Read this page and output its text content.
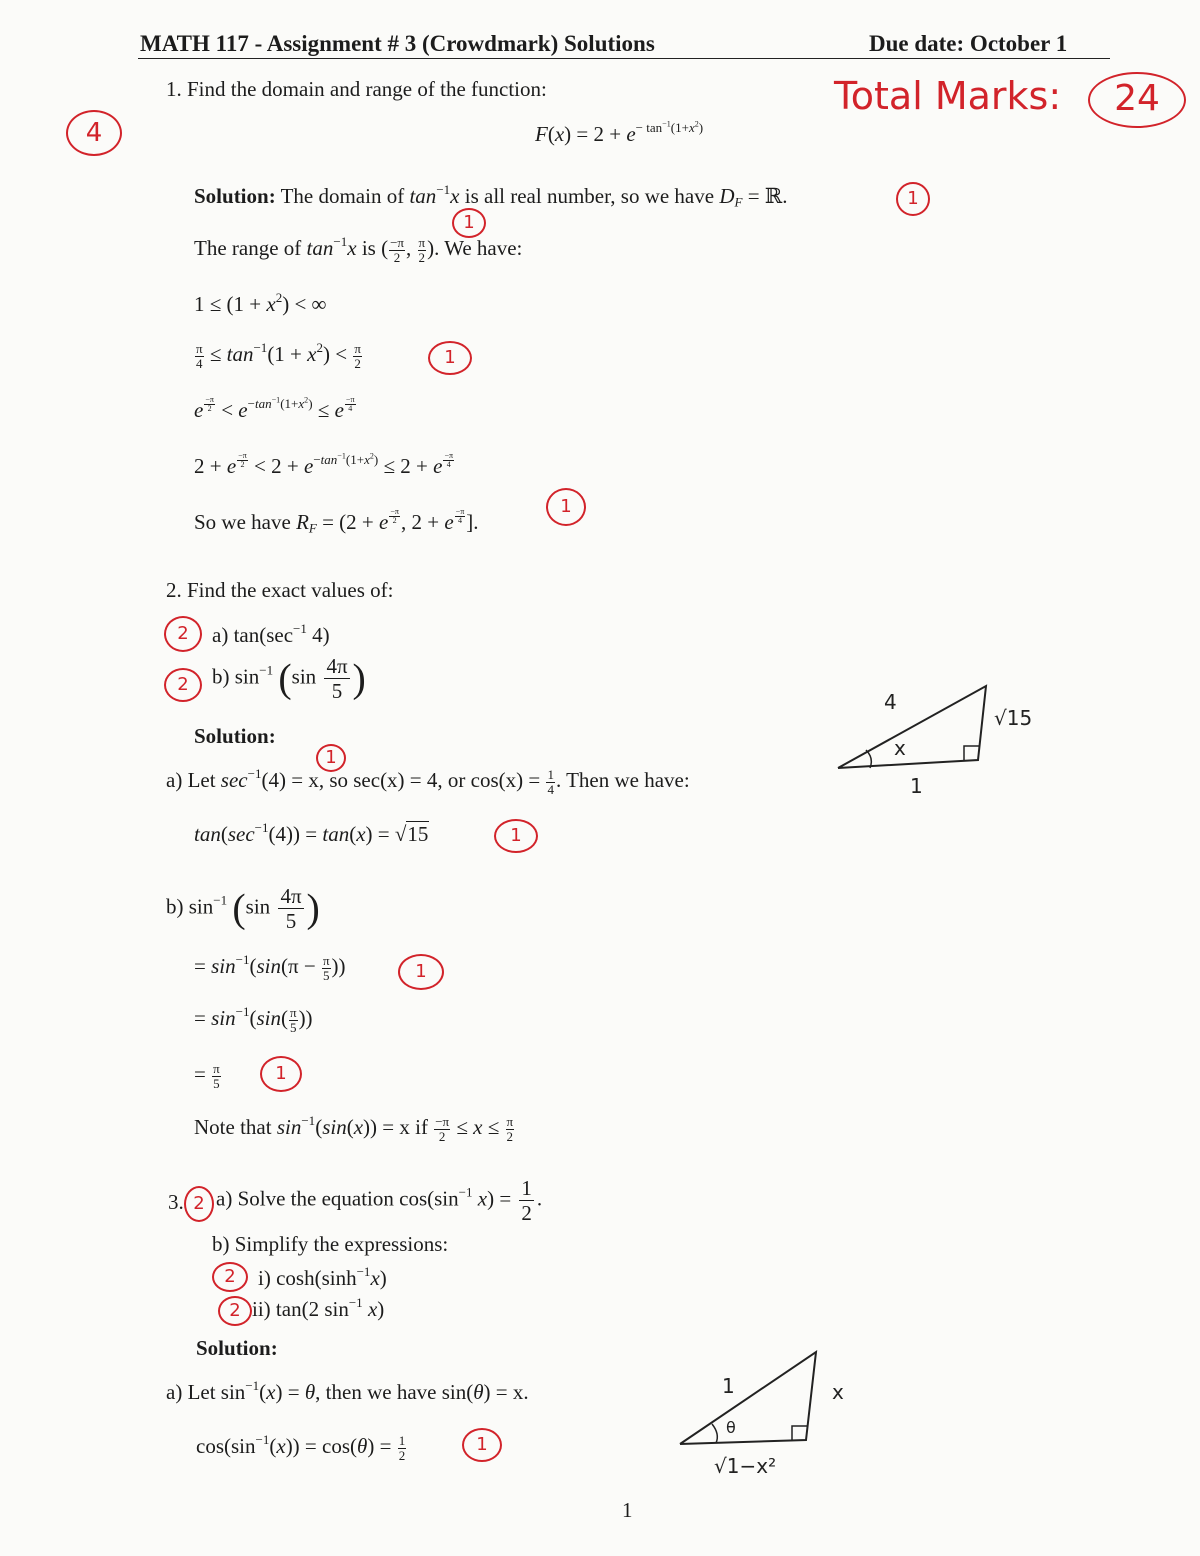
MATH 117 - Assignment # 3 (Crowdmark) Solutions	Due date: October 1
Total Marks:	24
4
1. Find the domain and range of the function:
$F(x) = 2 + e^{- tan^{-1}(1+x^2)}$
Solution: The domain of $\tan^{-1}x$ is all real number, so we have $D_F$ = ℝ.	1
1
The range of $\tan^{-1}x$ is ( $\frac{-\pi}{2}$ , $\frac{\pi}{2}$ ). We have:
$1 \le (1 + x^2)$ < ∞
$\frac{\pi}{4} \le \tan^{-1}(1 + x^2) < \frac{\pi}{2}$	1
e $^{\frac{-\pi}{2}} < e^{-tan^{-1}(1+x^2)} \le e$ $^{\frac{-\pi}{4}}$
2 + e $^{\frac{-\pi}{2}} < 2 + e^{-tan^{-1}(1+x^2)} \le 2 + e$ $^{\frac{-\pi}{4}}$
So we have $R_F = (2 + e$ $^{\frac{-\pi}{2}}$ , 2 + e $^{\frac{-\pi}{4}}$ ].
1
2. Find the exact values of:
2	a) $\tan(\sec^{-1}$ 4)
2	b) $\sin^{-1} (\sin \frac{4\pi}{5}$ )
Solution:
1
a) Let $\sec^{-1}(4) = x$, so sec(x) = 4, or $\cos(x) = \frac{1}{4}$ . Then we have:
$\tan(\sec^{-1}(4)) = \tan(x) = √15$	1
b) $\sin^{-1} (\sin \frac{4\pi}{5}$ )
= $\sin^{-1}(\sin(\pi - \frac{\pi}{5}$ ))	1
= $\sin^{-1}(\sin( \frac{\pi}{5}$ ))
= $\frac{\pi}{5}$	1
Note that $\sin^{-1}(\sin(x)) = x$ if $\frac{-\pi}{2} \le x \le \frac{\pi}{2}$
4
√15
1
x
3. 2 a) Solve the equation $\cos(\sin^{-1}$ $x) = \frac{1}{2}$ .
b) Simplify the expressions:
2	i) $\cosh(\sinh^{-1}x)$
2 ii) tan(2 $\sin^{-1} x$)
Solution:
a) Let $\sin^{-1}(x) = \theta$, then we have sin(θ) = x.
$\cos(\sin^{-1}(x)) = \cos(\theta) = \frac{1}{2}$	1
1	x
√1−x²
θ
1
